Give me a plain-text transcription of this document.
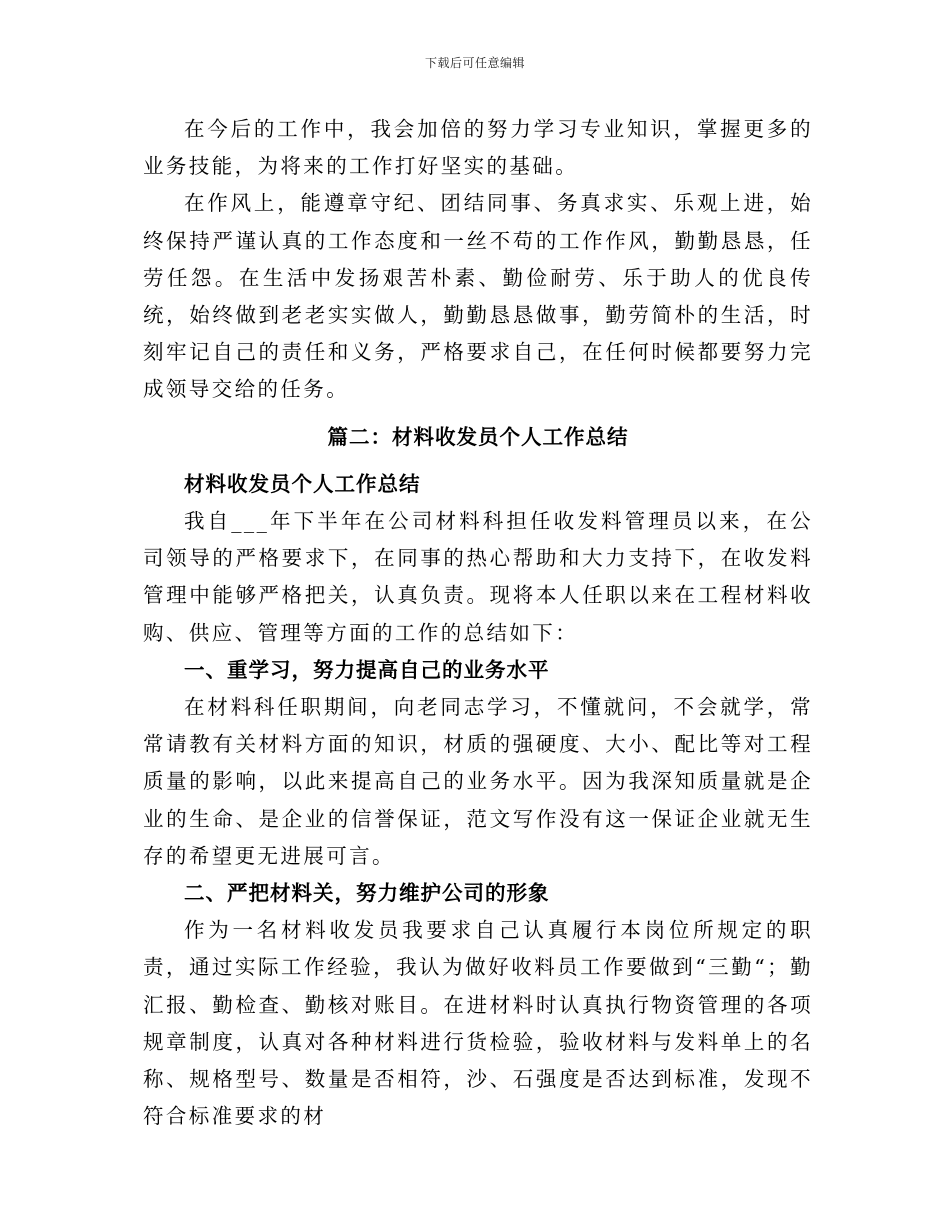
下载后可任意编辑

在今后的工作中，我会加倍的努力学习专业知识，掌握更多的业务技能，为将来的工作打好坚实的基础。

在作风上，能遵章守纪、团结同事、务真求实、乐观上进，始终保持严谨认真的工作态度和一丝不苟的工作作风，勤勤恳恳，任劳任怨。在生活中发扬艰苦朴素、勤俭耐劳、乐于助人的优良传统，始终做到老老实实做人，勤勤恳恳做事，勤劳简朴的生活，时刻牢记自己的责任和义务，严格要求自己，在任何时候都要努力完成领导交给的任务。

篇二：材料收发员个人工作总结

材料收发员个人工作总结

我自___年下半年在公司材料科担任收发料管理员以来，在公司领导的严格要求下，在同事的热心帮助和大力支持下，在收发料管理中能够严格把关，认真负责。现将本人任职以来在工程材料收购、供应、管理等方面的工作的总结如下：

一、重学习，努力提高自己的业务水平

在材料科任职期间，向老同志学习，不懂就问，不会就学，常常请教有关材料方面的知识，材质的强硬度、大小、配比等对工程质量的影响，以此来提高自己的业务水平。因为我深知质量就是企业的生命、是企业的信誉保证，范文写作没有这一保证企业就无生存的希望更无进展可言。

二、严把材料关，努力维护公司的形象

作为一名材料收发员我要求自己认真履行本岗位所规定的职责，通过实际工作经验，我认为做好收料员工作要做到“三勤“；勤汇报、勤检查、勤核对账目。在进材料时认真执行物资管理的各项规章制度，认真对各种材料进行货检验，验收材料与发料单上的名称、规格型号、数量是否相符，沙、石强度是否达到标准，发现不符合标准要求的材
